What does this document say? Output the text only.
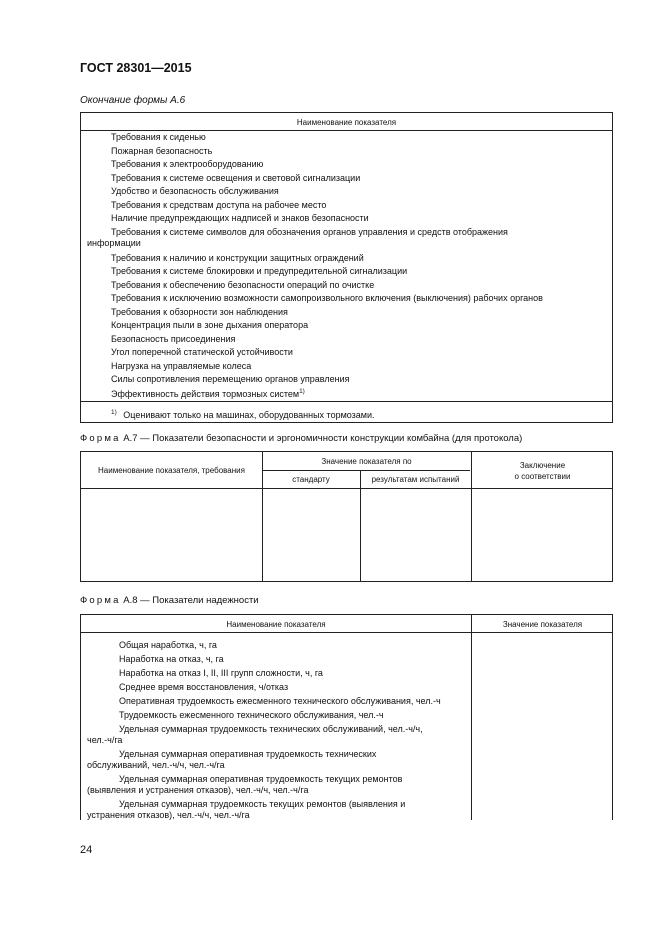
ГОСТ 28301—2015
Окончание формы А.6
Наименование показателя
Требования к сиденью
Пожарная безопасность
Требования к электрооборудованию
Требования к системе освещения и световой сигнализации
Удобство и безопасность обслуживания
Требования к средствам доступа на рабочее место
Наличие предупреждающих надписей и знаков безопасности
Требования к системе символов для обозначения органов управления и средств отображения
информации
Требования к наличию и конструкции защитных ограждений
Требования к системе блокировки и предупредительной сигнализации
Требования к обеспечению безопасности операций по очистке
Требования к исключению возможности самопроизвольного включения (выключения) рабочих органов
Требования к обзорности зон наблюдения
Концентрация пыли в зоне дыхания оператора
Безопасность присоединения
Угол поперечной статической устойчивости
Нагрузка на управляемые колеса
Силы сопротивления перемещению органов управления
Эффективность действия тормозных систем$^{1)}$
$^{1)}$ Оценивают только на машинах, оборудованных тормозами.
Форма А.7 — Показатели безопасности и эргономичности конструкции комбайна (для протокола)
Наименование показателя, требования
Значение показателя по
стандарту	результатам испытаний
Заключение
о соответствии
Форма А.8 — Показатели надежности
Наименование показателя	Значение показателя
Общая наработка, ч, га
Наработка на отказ, ч, га
Наработка на отказ I, II, III групп сложности, ч, га
Среднее время восстановления, ч/отказ
Оперативная трудоемкость ежесменного технического обслуживания, чел.-ч
Трудоемкость ежесменного технического обслуживания, чел.-ч
Удельная суммарная трудоемкость технических обслуживаний, чел.-ч/ч,
чел.-ч/га
Удельная суммарная оперативная трудоемкость технических
обслуживаний, чел.-ч/ч, чел.-ч/га
Удельная суммарная оперативная трудоемкость текущих ремонтов
(выявления и устранения отказов), чел.-ч/ч, чел.-ч/га
Удельная суммарная трудоемкость текущих ремонтов (выявления и
устранения отказов), чел.-ч/ч, чел.-ч/га
24
